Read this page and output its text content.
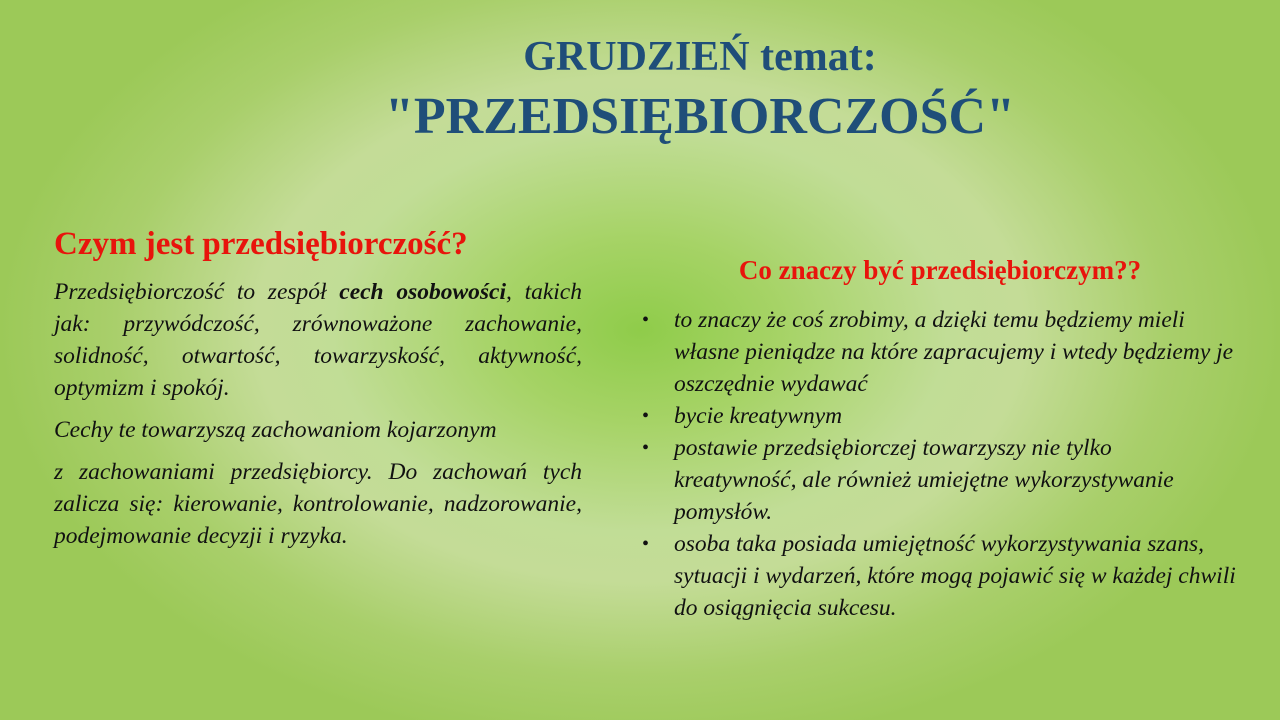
GRUDZIEŃ temat:
"PRZEDSIĘBIORCZOŚĆ"
Czym jest przedsiębiorczość?

Przedsiębiorczość to zespół cech osobowości, takich jak: przywódczość, zrównoważone zachowanie, solidność, otwartość, towarzyskość, aktywność, optymizm i spokój.

Cechy te towarzyszą zachowaniom kojarzonym

z zachowaniami przedsiębiorcy. Do zachowań tych zalicza się: kierowanie, kontrolowanie, nadzorowanie, podejmowanie decyzji i ryzyka.

Co znaczy być przedsiębiorczym??
• to znaczy że coś zrobimy, a dzięki temu będziemy mieli własne pieniądze na które zapracujemy i wtedy będziemy je oszczędnie wydawać
• bycie kreatywnym
• postawie przedsiębiorczej towarzyszy nie tylko kreatywność, ale również umiejętne wykorzystywanie pomysłów.
• osoba taka posiada umiejętność wykorzystywania szans, sytuacji i wydarzeń, które mogą pojawić się w każdej chwili do osiągnięcia sukcesu.
